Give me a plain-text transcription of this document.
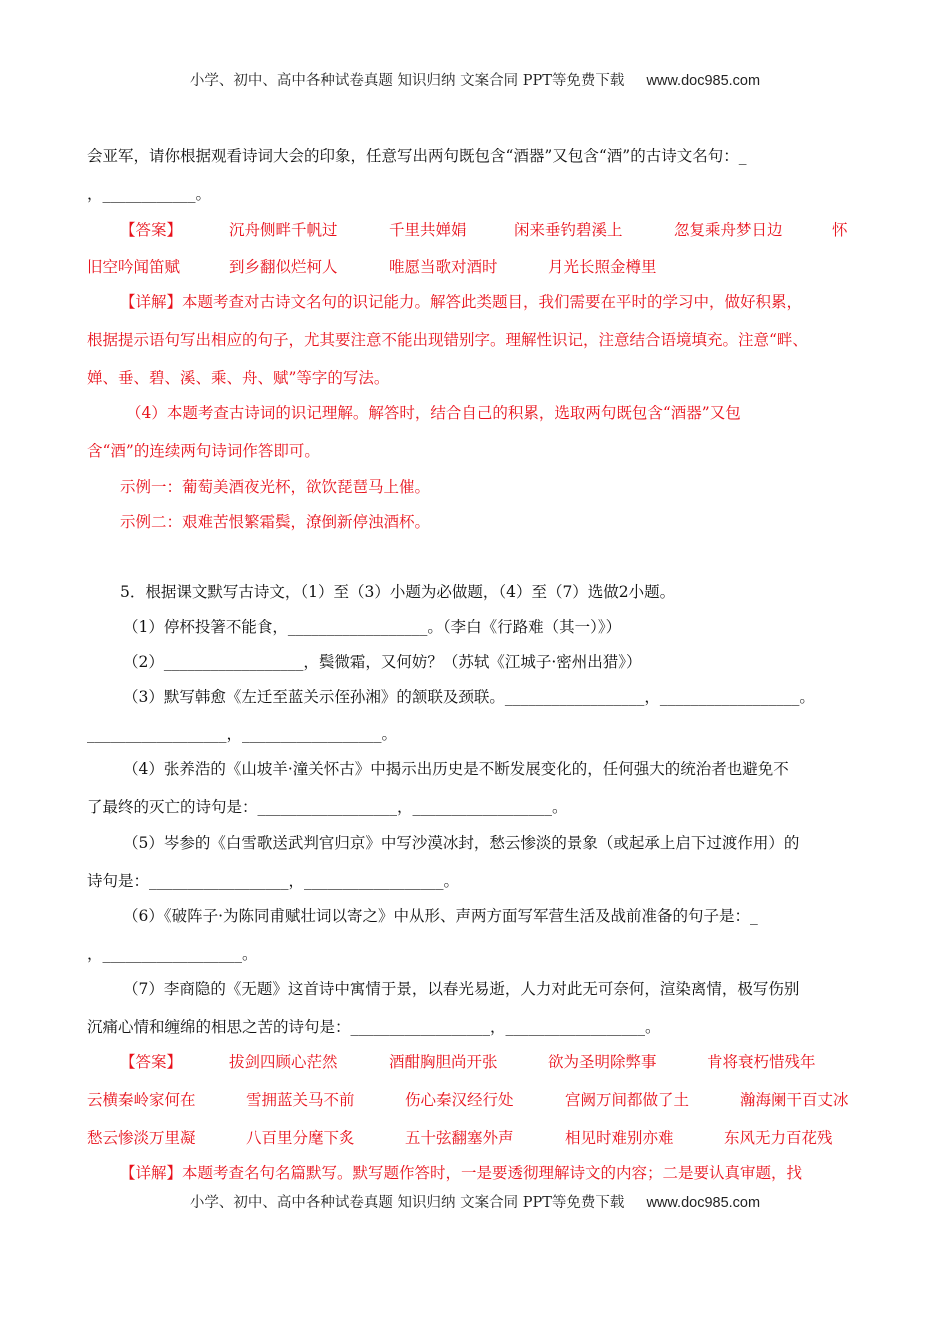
小学、初中、高中各种试卷真题 知识归纳 文案合同 PPT等免费下载 www.doc985.com
会亚军，请你根据观看诗词大会的印象，任意写出两句既包含“酒器”又包含“酒”的古诗文名句：_
，____________。
【答案】	沉舟侧畔千帆过	千里共婵娟	闲来垂钓碧溪上	忽复乘舟梦日边	怀
旧空吟闻笛赋	到乡翻似烂柯人	唯愿当歌对酒时	月光长照金樽里
【详解】本题考查对古诗文名句的识记能力。解答此类题目，我们需要在平时的学习中，做好积累，
根据提示语句写出相应的句子，尤其要注意不能出现错别字。理解性识记，注意结合语境填充。注意“畔、
婵、垂、碧、溪、乘、舟、赋”等字的写法。
（4）本题考查古诗词的识记理解。解答时，结合自己的积累，选取两句既包含“酒器”又包
含“酒”的连续两句诗词作答即可。
示例一：葡萄美酒夜光杯，欲饮琵琶马上催。
示例二：艰难苦恨繁霜鬓，潦倒新停浊酒杯。
5．根据课文默写古诗文，（1）至（3）小题为必做题，（4）至（7）选做2小题。
（1）停杯投箸不能食，__________________。（李白《行路难（其一）》）
（2）__________________，鬓微霜，又何妨？（苏轼《江城子·密州出猎》）
（3）默写韩愈《左迁至蓝关示侄孙湘》的颔联及颈联。__________________，__________________。
__________________，__________________。
（4）张养浩的《山坡羊·潼关怀古》中揭示出历史是不断发展变化的，任何强大的统治者也避免不
了最终的灭亡的诗句是：__________________，__________________。
（5）岑参的《白雪歌送武判官归京》中写沙漠冰封，愁云惨淡的景象（或起承上启下过渡作用）的
诗句是：__________________，__________________。
（6）《破阵子·为陈同甫赋壮词以寄之》中从形、声两方面写军营生活及战前准备的句子是：_
，__________________。
（7）李商隐的《无题》这首诗中寓情于景，以春光易逝，人力对此无可奈何，渲染离情，极写伤别
沉痛心情和缠绵的相思之苦的诗句是：__________________，__________________。
【答案】	拔剑四顾心茫然	酒酣胸胆尚开张	欲为圣明除弊事	肯将衰朽惜残年
云横秦岭家何在	雪拥蓝关马不前	伤心秦汉经行处	宫阙万间都做了土	瀚海阑干百丈冰
愁云惨淡万里凝	八百里分麾下炙	五十弦翻塞外声	相见时难别亦难	东风无力百花残
【详解】本题考查名句名篇默写。默写题作答时，一是要透彻理解诗文的内容；二是要认真审题，找
小学、初中、高中各种试卷真题 知识归纳 文案合同 PPT等免费下载 www.doc985.com
